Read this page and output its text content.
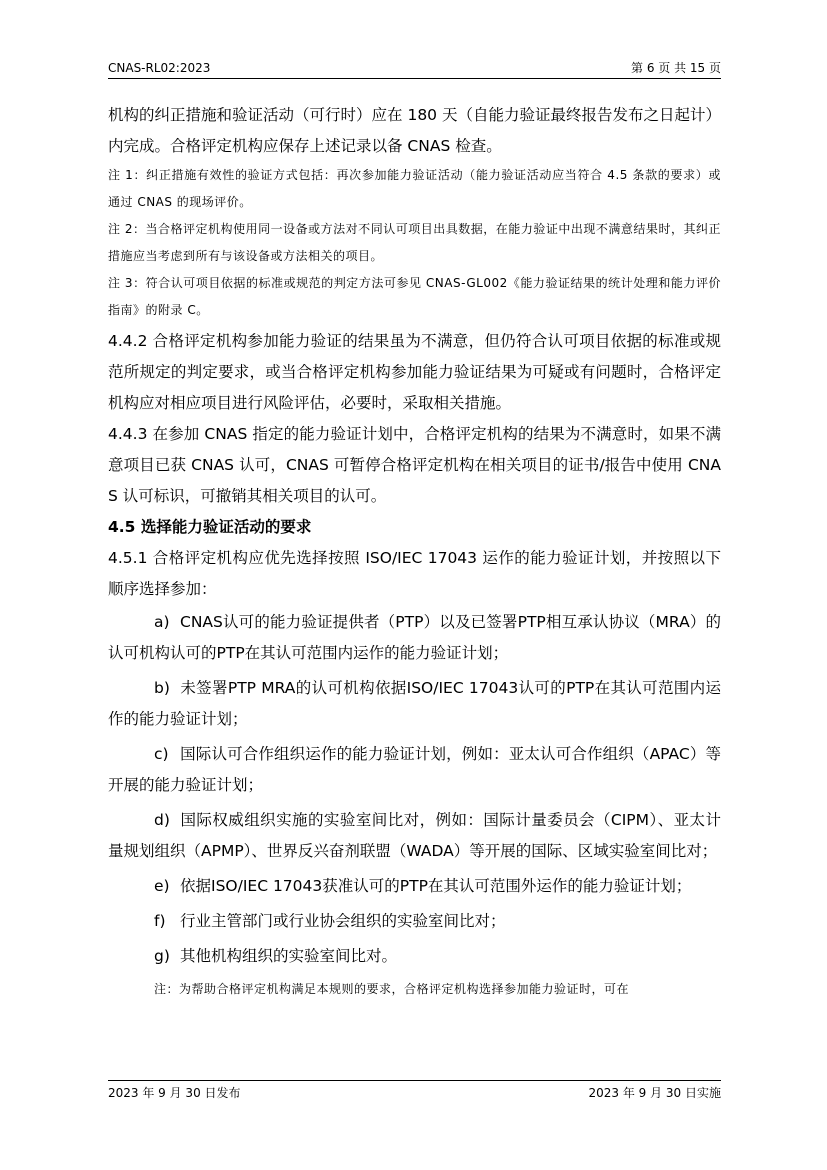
CNAS-RL02:2023	第 6 页 共 15 页

机构的纠正措施和验证活动（可行时）应在 180 天（自能力验证最终报告发布之日起计）内完成。合格评定机构应保存上述记录以备 CNAS 检查。

注 1：纠正措施有效性的验证方式包括：再次参加能力验证活动（能力验证活动应当符合 4.5 条款的要求）或通过 CNAS 的现场评价。

注 2：当合格评定机构使用同一设备或方法对不同认可项目出具数据，在能力验证中出现不满意结果时，其纠正措施应当考虑到所有与该设备或方法相关的项目。

注 3：符合认可项目依据的标准或规范的判定方法可参见 CNAS-GL002《能力验证结果的统计处理和能力评价指南》的附录 C。

4.4.2 合格评定机构参加能力验证的结果虽为不满意，但仍符合认可项目依据的标准或规范所规定的判定要求，或当合格评定机构参加能力验证结果为可疑或有问题时，合格评定机构应对相应项目进行风险评估，必要时，采取相关措施。

4.4.3 在参加 CNAS 指定的能力验证计划中，合格评定机构的结果为不满意时，如果不满意项目已获 CNAS 认可，CNAS 可暂停合格评定机构在相关项目的证书/报告中使用 CNAS 认可标识，可撤销其相关项目的认可。

4.5 选择能力验证活动的要求

4.5.1 合格评定机构应优先选择按照 ISO/IEC 17043 运作的能力验证计划，并按照以下顺序选择参加：

a) CNAS认可的能力验证提供者（PTP）以及已签署PTP相互承认协议（MRA）的认可机构认可的PTP在其认可范围内运作的能力验证计划；

b) 未签署PTP MRA的认可机构依据ISO/IEC 17043认可的PTP在其认可范围内运作的能力验证计划；

c) 国际认可合作组织运作的能力验证计划，例如：亚太认可合作组织（APAC）等开展的能力验证计划；

d) 国际权威组织实施的实验室间比对，例如：国际计量委员会（CIPM）、亚太计量规划组织（APMP）、世界反兴奋剂联盟（WADA）等开展的国际、区域实验室间比对；

e) 依据ISO/IEC 17043获准认可的PTP在其认可范围外运作的能力验证计划；

f) 行业主管部门或行业协会组织的实验室间比对；

g) 其他机构组织的实验室间比对。

注：为帮助合格评定机构满足本规则的要求，合格评定机构选择参加能力验证时，可在

2023 年 9 月 30 日发布	2023 年 9 月 30 日实施
